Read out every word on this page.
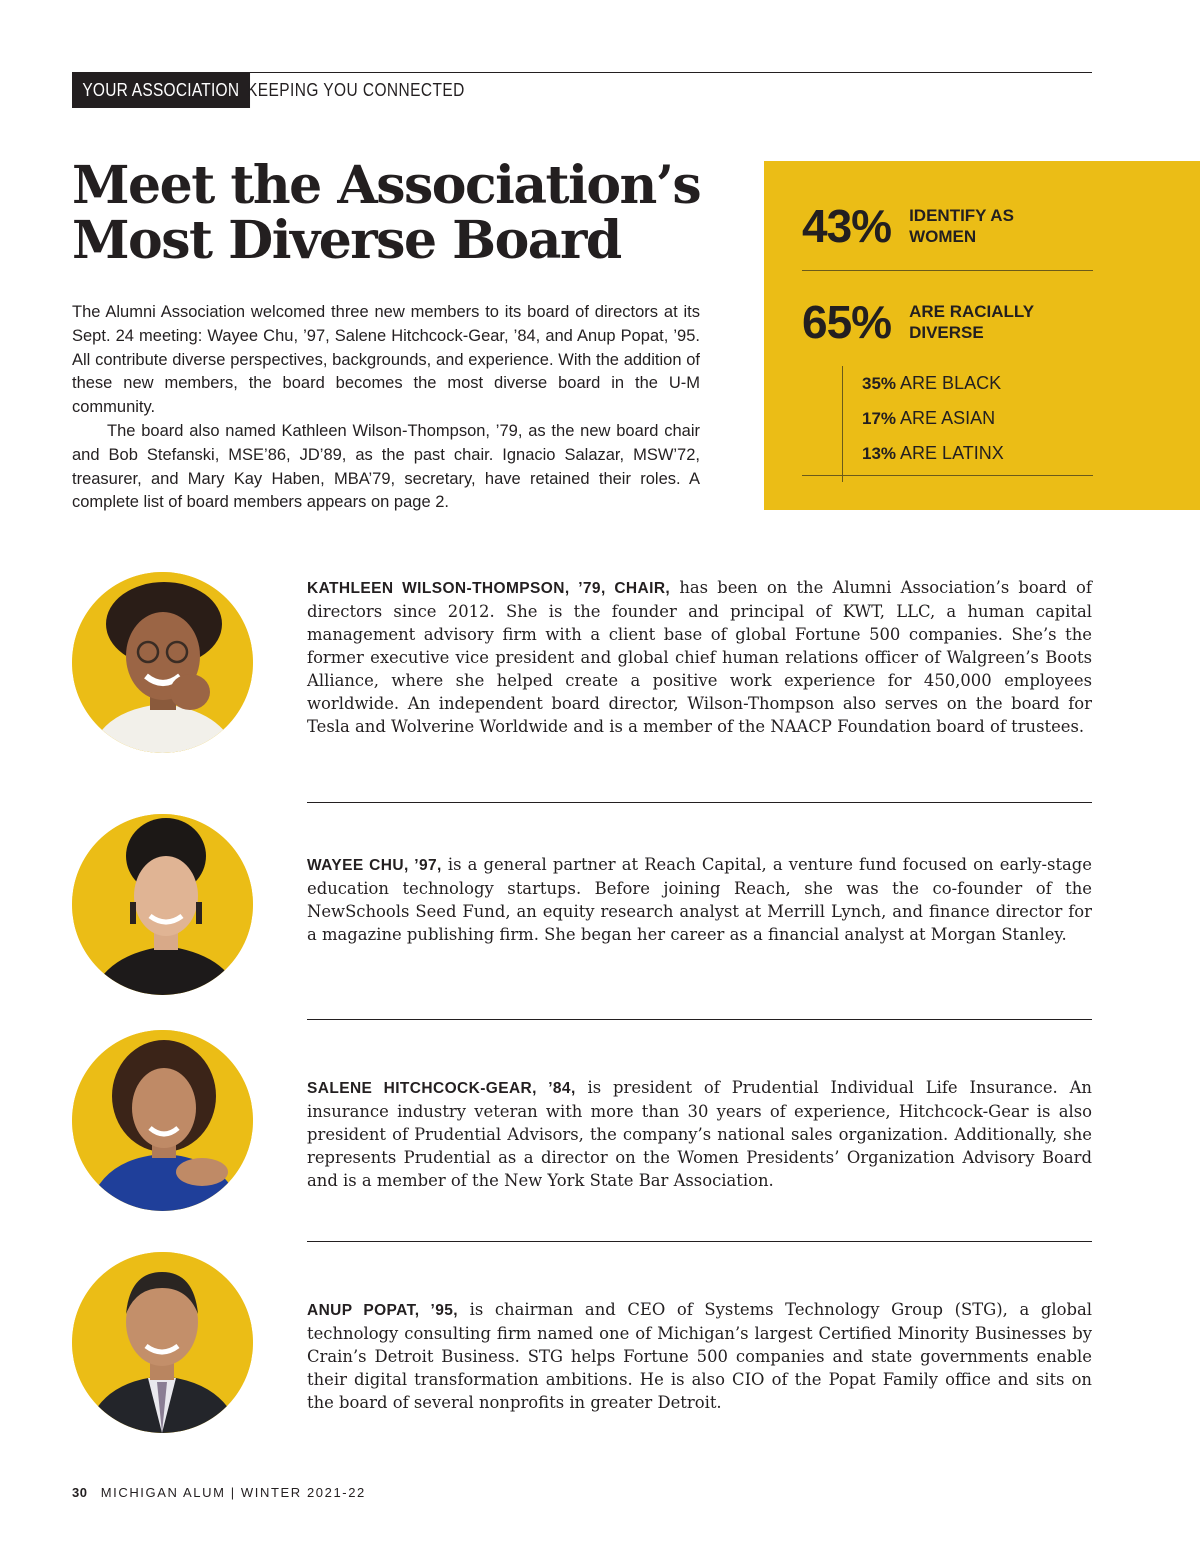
YOUR ASSOCIATION KEEPING YOU CONNECTED
Meet the Association’s
Most Diverse Board

The Alumni Association welcomed three new members to its board of directors at its Sept. 24 meeting: Wayee Chu, ’97, Salene Hitchcock-Gear, ’84, and Anup Popat, ’95. All contribute diverse perspectives, backgrounds, and experience. With the addition of these new members, the board becomes the most diverse board in the U-M community.

The board also named Kathleen Wilson-Thompson, ’79, as the new board chair and Bob Stefanski, MSE’86, JD’89, as the past chair. Ignacio Salazar, MSW’72, treasurer, and Mary Kay Haben, MBA’79, secretary, have retained their roles. A complete list of board members appears on page 2.

43% IDENTIFY AS
WOMEN
65% ARE RACIALLY
DIVERSE
35% ARE BLACK
17% ARE ASIAN
13% ARE LATINX

KATHLEEN WILSON-THOMPSON, ’79, CHAIR, has been on the Alumni Association’s board of directors since 2012. She is the founder and principal of KWT, LLC, a human capital management advisory firm with a client base of global Fortune 500 companies. She’s the former executive vice president and global chief human relations officer of Walgreen’s Boots Alliance, where she helped create a positive work experience for 450,000 employees worldwide. An independent board director, Wilson-Thompson also serves on the board for Tesla and Wolverine Worldwide and is a member of the NAACP Foundation board of trustees.

WAYEE CHU, ’97, is a general partner at Reach Capital, a venture fund focused on early-stage education technology startups. Before joining Reach, she was the co-founder of the NewSchools Seed Fund, an equity research analyst at Merrill Lynch, and finance director for a magazine publishing firm. She began her career as a financial analyst at Morgan Stanley.

SALENE HITCHCOCK-GEAR, ’84, is president of Prudential Individual Life Insurance. An insurance industry veteran with more than 30 years of experience, Hitchcock-Gear is also president of Prudential Advisors, the company’s national sales organization. Additionally, she represents Prudential as a director on the Women Presidents’ Organization Advisory Board and is a member of the New York State Bar Association.

ANUP POPAT, ’95, is chairman and CEO of Systems Technology Group (STG), a global technology consulting firm named one of Michigan’s largest Certified Minority Businesses by Crain’s Detroit Business. STG helps Fortune 500 companies and state governments enable their digital transformation ambitions. He is also CIO of the Popat Family office and sits on the board of several nonprofits in greater Detroit.

30 MICHIGAN ALUM | WINTER 2021-22
